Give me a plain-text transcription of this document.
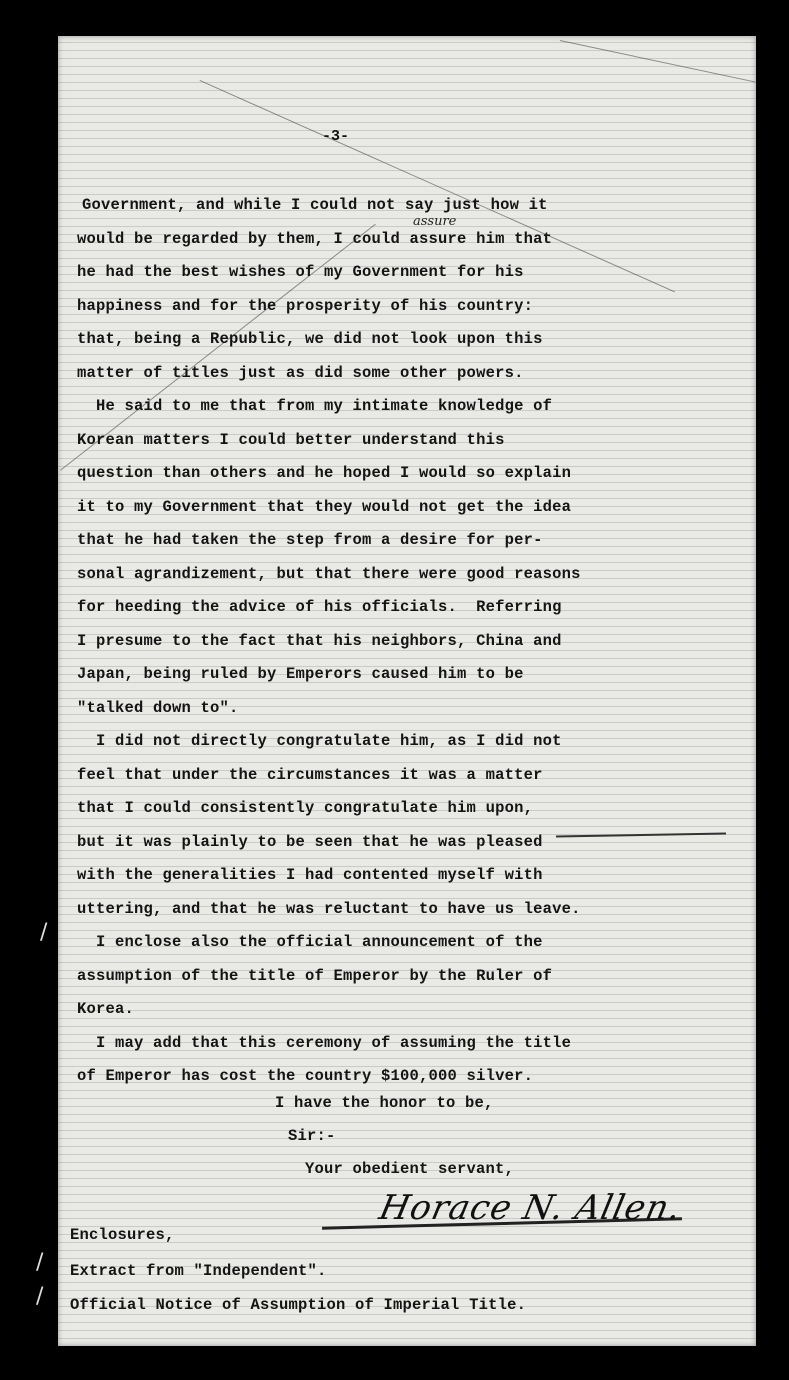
-3-
assure
Government, and while I could not say just how it
would be regarded by them, I could assure him that
he had the best wishes of my Government for his
happiness and for the prosperity of his country:
that, being a Republic, we did not look upon this
matter of titles just as did some other powers.
He said to me that from my intimate knowledge of
Korean matters I could better understand this
question than others and he hoped I would so explain
it to my Government that they would not get the idea
that he had taken the step from a desire for per-
sonal agrandizement, but that there were good reasons
for heeding the advice of his officials.  Referring
I presume to the fact that his neighbors, China and
Japan, being ruled by Emperors caused him to be
"talked down to".
I did not directly congratulate him, as I did not
feel that under the circumstances it was a matter
that I could consistently congratulate him upon,
but it was plainly to be seen that he was pleased
with the generalities I had contented myself with
uttering, and that he was reluctant to have us leave.
I enclose also the official announcement of the
assumption of the title of Emperor by the Ruler of
Korea.
I may add that this ceremony of assuming the title
of Emperor has cost the country $100,000 silver.
I have the honor to be,
Sir:-
Your obedient servant,
Horace N. Allen.
Enclosures,
Extract from "Independent".
Official Notice of Assumption of Imperial Title.
/
/
/
